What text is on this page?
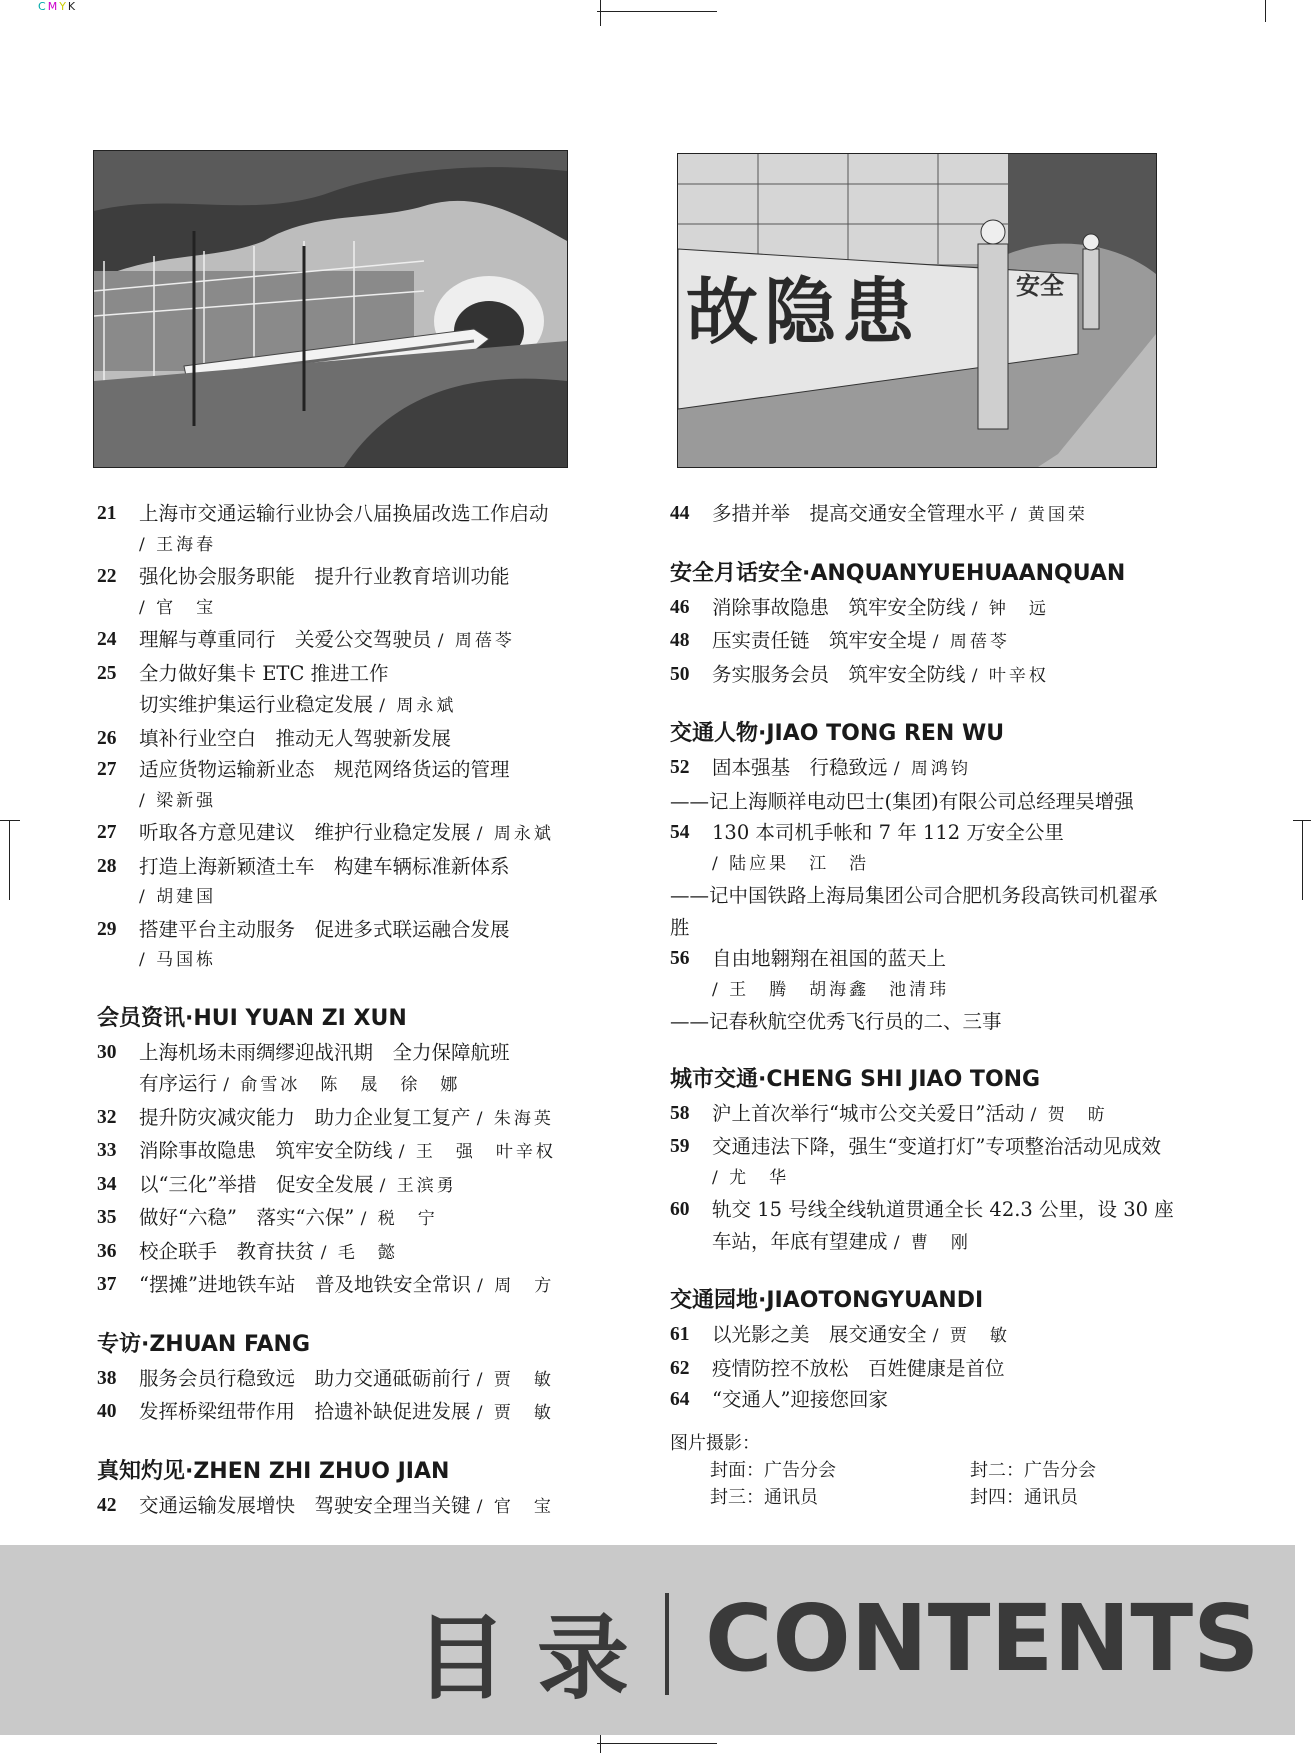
CMYK
故隐患	安全
21	上海市交通运输行业协会八届换届改选工作启动
/ 王海春
22	强化协会服务职能　提升行业教育培训功能
/ 官　宝
24	理解与尊重同行　关爱公交驾驶员 / 周蓓苓
25	全力做好集卡 ETC 推进工作
切实维护集运行业稳定发展 / 周永斌
26	填补行业空白　推动无人驾驶新发展
27	适应货物运输新业态　规范网络货运的管理
/ 梁新强
27	听取各方意见建议　维护行业稳定发展 / 周永斌
28	打造上海新颖渣土车　构建车辆标准新体系
/ 胡建国
29	搭建平台主动服务　促进多式联运融合发展
/ 马国栋
会员资讯·HUI YUAN ZI XUN
30	上海机场未雨绸缪迎战汛期　全力保障航班
有序运行 / 俞雪冰　陈　晟　徐　娜
32	提升防灾减灾能力　助力企业复工复产 / 朱海英
33	消除事故隐患　筑牢安全防线 / 王　强　叶辛权
34	以“三化”举措　促安全发展 / 王滨勇
35	做好“六稳”　落实“六保” / 税　宁
36	校企联手　教育扶贫 / 毛　懿
37	“摆摊”进地铁车站　普及地铁安全常识 / 周　方
专访·ZHUAN FANG
38	服务会员行稳致远　助力交通砥砺前行 / 贾　敏
40	发挥桥梁纽带作用　拾遗补缺促进发展 / 贾　敏
真知灼见·ZHEN ZHI ZHUO JIAN
42	交通运输发展增快　驾驶安全理当关键 / 官　宝
44	多措并举　提高交通安全管理水平 / 黄国荣
安全月话安全·ANQUANYUEHUAANQUAN
46	消除事故隐患　筑牢安全防线 / 钟　远
48	压实责任链　筑牢安全堤 / 周蓓苓
50	务实服务会员　筑牢安全防线 / 叶辛权
交通人物·JIAO TONG REN WU
52	固本强基　行稳致远 / 周鸿钧
——记上海顺祥电动巴士(集团)有限公司总经理吴增强
54	130 本司机手帐和 7 年 112 万安全公里
/ 陆应果　江　浩
——记中国铁路上海局集团公司合肥机务段高铁司机翟承
胜
56	自由地翱翔在祖国的蓝天上
/ 王　腾　胡海鑫　池清玮
——记春秋航空优秀飞行员的二、三事
城市交通·CHENG SHI JIAO TONG
58	沪上首次举行“城市公交关爱日”活动 / 贺　昉
59	交通违法下降，强生“变道打灯”专项整治活动见成效
/ 尤　华
60	轨交 15 号线全线轨道贯通全长 42.3 公里，设 30 座
车站，年底有望建成 / 曹　刚
交通园地·JIAOTONGYUANDI
61	以光影之美　展交通安全 / 贾　敏
62	疫情防控不放松　百姓健康是首位
64	“交通人”迎接您回家
图片摄影：
封面：广告分会	封二：广告分会
封三：通讯员	封四：通讯员
目录 CONTENTS
